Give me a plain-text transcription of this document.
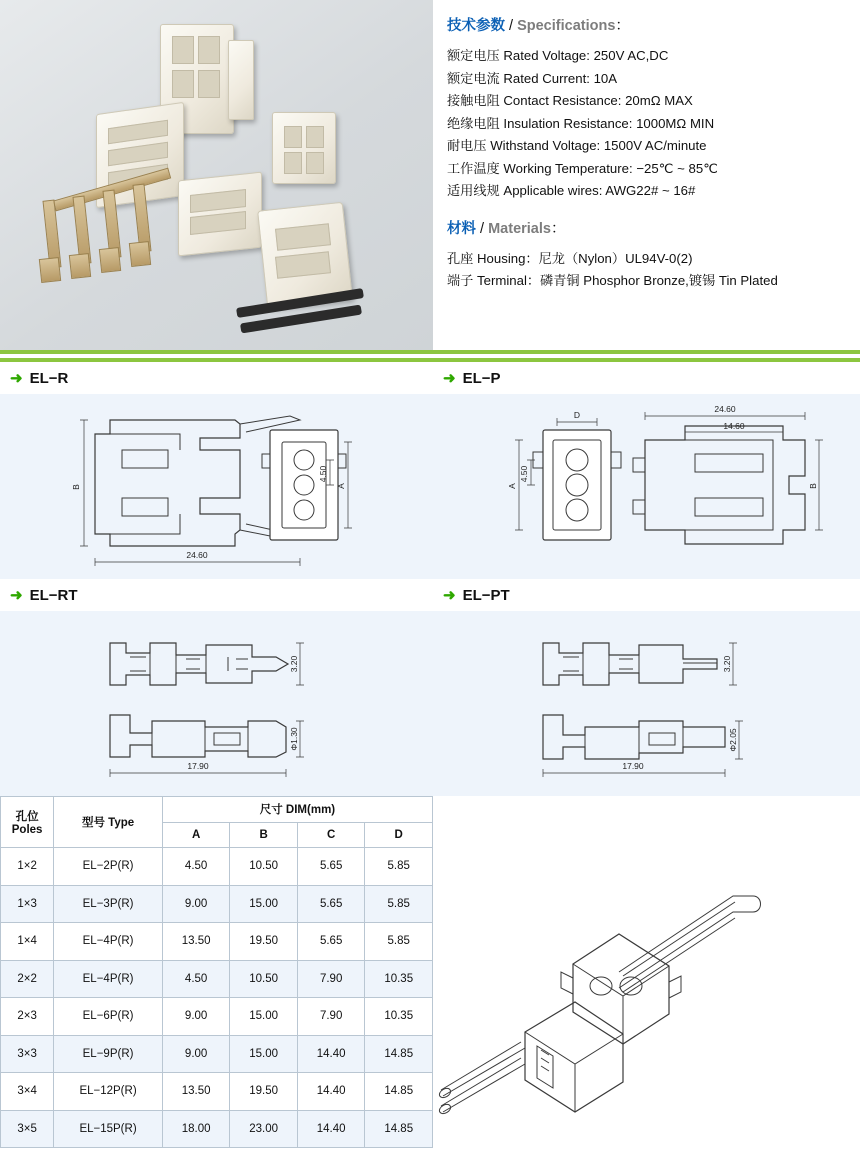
技术参数 / Specifications：
额定电压 Rated Voltage: 250V AC,DC
额定电流 Rated Current: 10A
接触电阻 Contact Resistance: 20mΩ MAX
绝缘电阻 Insulation Resistance: 1000MΩ MIN
耐电压 Withstand Voltage: 1500V AC/minute
工作温度 Working Temperature: −25℃ ~ 85℃
适用线规 Applicable wires: AWG22# ~ 16#
材料 / Materials：
孔座 Housing：尼龙（Nylon）UL94V-0(2)
端子 Terminal：磷青铜 Phosphor Bronze,镀锡 Tin Plated
➜ EL−R
B
24.60
4.50
A
➜ EL−P
24.60
14.60
B
4.50
A
D
➜ EL−RT
3.20
Φ1.30
17.90
➜ EL−PT
3.20
Φ2.05
17.90
孔位
Poles	型号 Type	尺寸 DIM(mm)			
		A	B	C	D
1×2	EL−2P(R)	4.50	10.50	5.65	5.85
1×3	EL−3P(R)	9.00	15.00	5.65	5.85
1×4	EL−4P(R)	13.50	19.50	5.65	5.85
2×2	EL−4P(R)	4.50	10.50	7.90	10.35
2×3	EL−6P(R)	9.00	15.00	7.90	10.35
3×3	EL−9P(R)	9.00	15.00	14.40	14.85
3×4	EL−12P(R)	13.50	19.50	14.40	14.85
3×5	EL−15P(R)	18.00	23.00	14.40	14.85
